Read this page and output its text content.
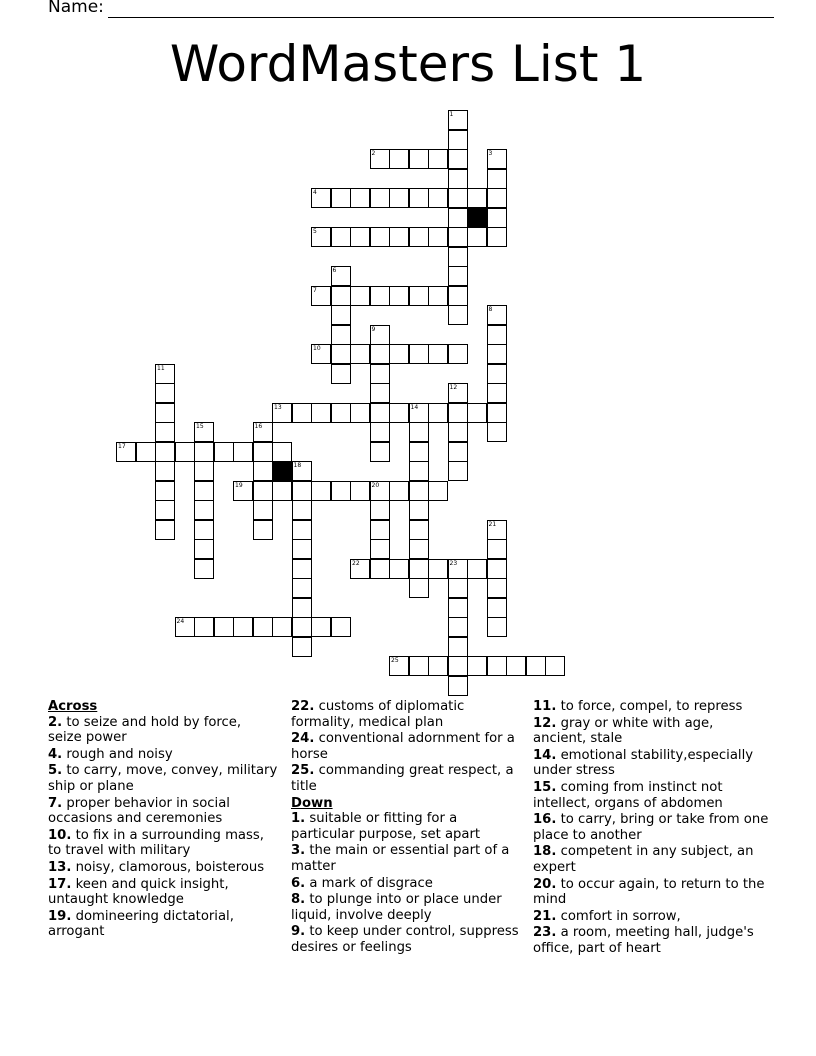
Name:
WordMasters List 1
1
2	3
4
5
6
7
8
9
10
11
12
13	14
15	16
17
18
19	20
21
22	23
24
25
Across
2. to seize and hold by force, seize power
4. rough and noisy
5. to carry, move, convey, military ship or plane
7. proper behavior in social occasions and ceremonies
10. to fix in a surrounding mass, to travel with military
13. noisy, clamorous, boisterous
17. keen and quick insight, untaught knowledge
19. domineering dictatorial, arrogant
22. customs of diplomatic formality, medical plan
24. conventional adornment for a horse
25. commanding great respect, a title
Down
1. suitable or fitting for a particular purpose, set apart
3. the main or essential part of a matter
6. a mark of disgrace
8. to plunge into or place under liquid, involve deeply
9. to keep under control, suppress desires or feelings
11. to force, compel, to repress
12. gray or white with age, ancient, stale
14. emotional stability,especially under stress
15. coming from instinct not intellect, organs of abdomen
16. to carry, bring or take from one place to another
18. competent in any subject, an expert
20. to occur again, to return to the mind
21. comfort in sorrow,
23. a room, meeting hall, judge's office, part of heart
